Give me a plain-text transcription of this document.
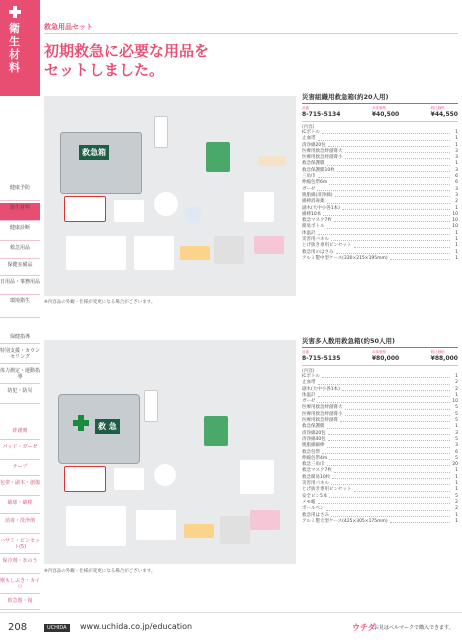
衛生材料
健康予防
衛生材料
健康診断
救急用品
保健室備品
日用品・事務用品
環境衛生
保健指導
特別支援・カウンセリング
体力測定・運動指導
防犯・防災
絆創膏
パッド・ガーゼ
テープ
包帯・副木・創傷
綿球・綿棒
消毒・洗浄剤
ハサミ・ピンセット(5)
保冷剤・氷のう
喉もしぶき・カイロ
救急器・箱
救急用品セット
初期救急に必要な用品を
セットしました。
救急箱
※内容品の外観・仕様が変更になる場合がございます。
救 急
※内容品の外観・仕様が変更になる場合がございます。
災害組織用救急箱(約20人用)
品番
8-715-5134
本体価格
¥40,500
税込価格
¥44,550
(内容)
ICボトル	1
止血帯	1
清浄綿20包	1
医療用救急絆創膏大	3
医療用救急絆創膏小	3
救急保護膜	1
救急保護膜10枚	3
三角巾	6
伸縮包帯6m	6
ガーゼ	3
脱脂綿(清浄綿)	3
綿棒消毒薬	2
副木(大中小各1本)	1
綿棒10本	10
救急マスク7枚	10
簡易ボトル	10
体温計	1
災害用パネル	1
とげ抜き専用ピンセット	1
救急用のはさみ	1
アルミ製中型ケース(330×215×195mm)	1
災害多人数用救急箱(約50人用)
品番
8-715-5135
本体価格
¥80,000
税込価格
¥88,000
(内容)
ICボトル	1
止血帯	2
副木(大中小各1本)	2
体温計	1
ガーゼ	10
医療用救急絆創膏大	5
医療用救急絆創膏小	5
医療用救急絆創膏	5
救急保護膜	1
清浄綿20包	3
清浄綿40包	5
脱脂綿綿棒	3
救急包帯	6
伸縮包帯4m	5
救急三角巾	20
救急マスク7枚	1
救急簡易10枚	1
災害用パネル	1
とげ抜き専用ピンセット	1
安全ピン5本	5
メモ帳	2
ボールペン	2
救急用はさみ	1
アルミ製大型ケース(425×305×175mm)	1
208	UCHIDA	www.uchida.co.jp/education	ウチダ
お見はベルマークで購入できます。
